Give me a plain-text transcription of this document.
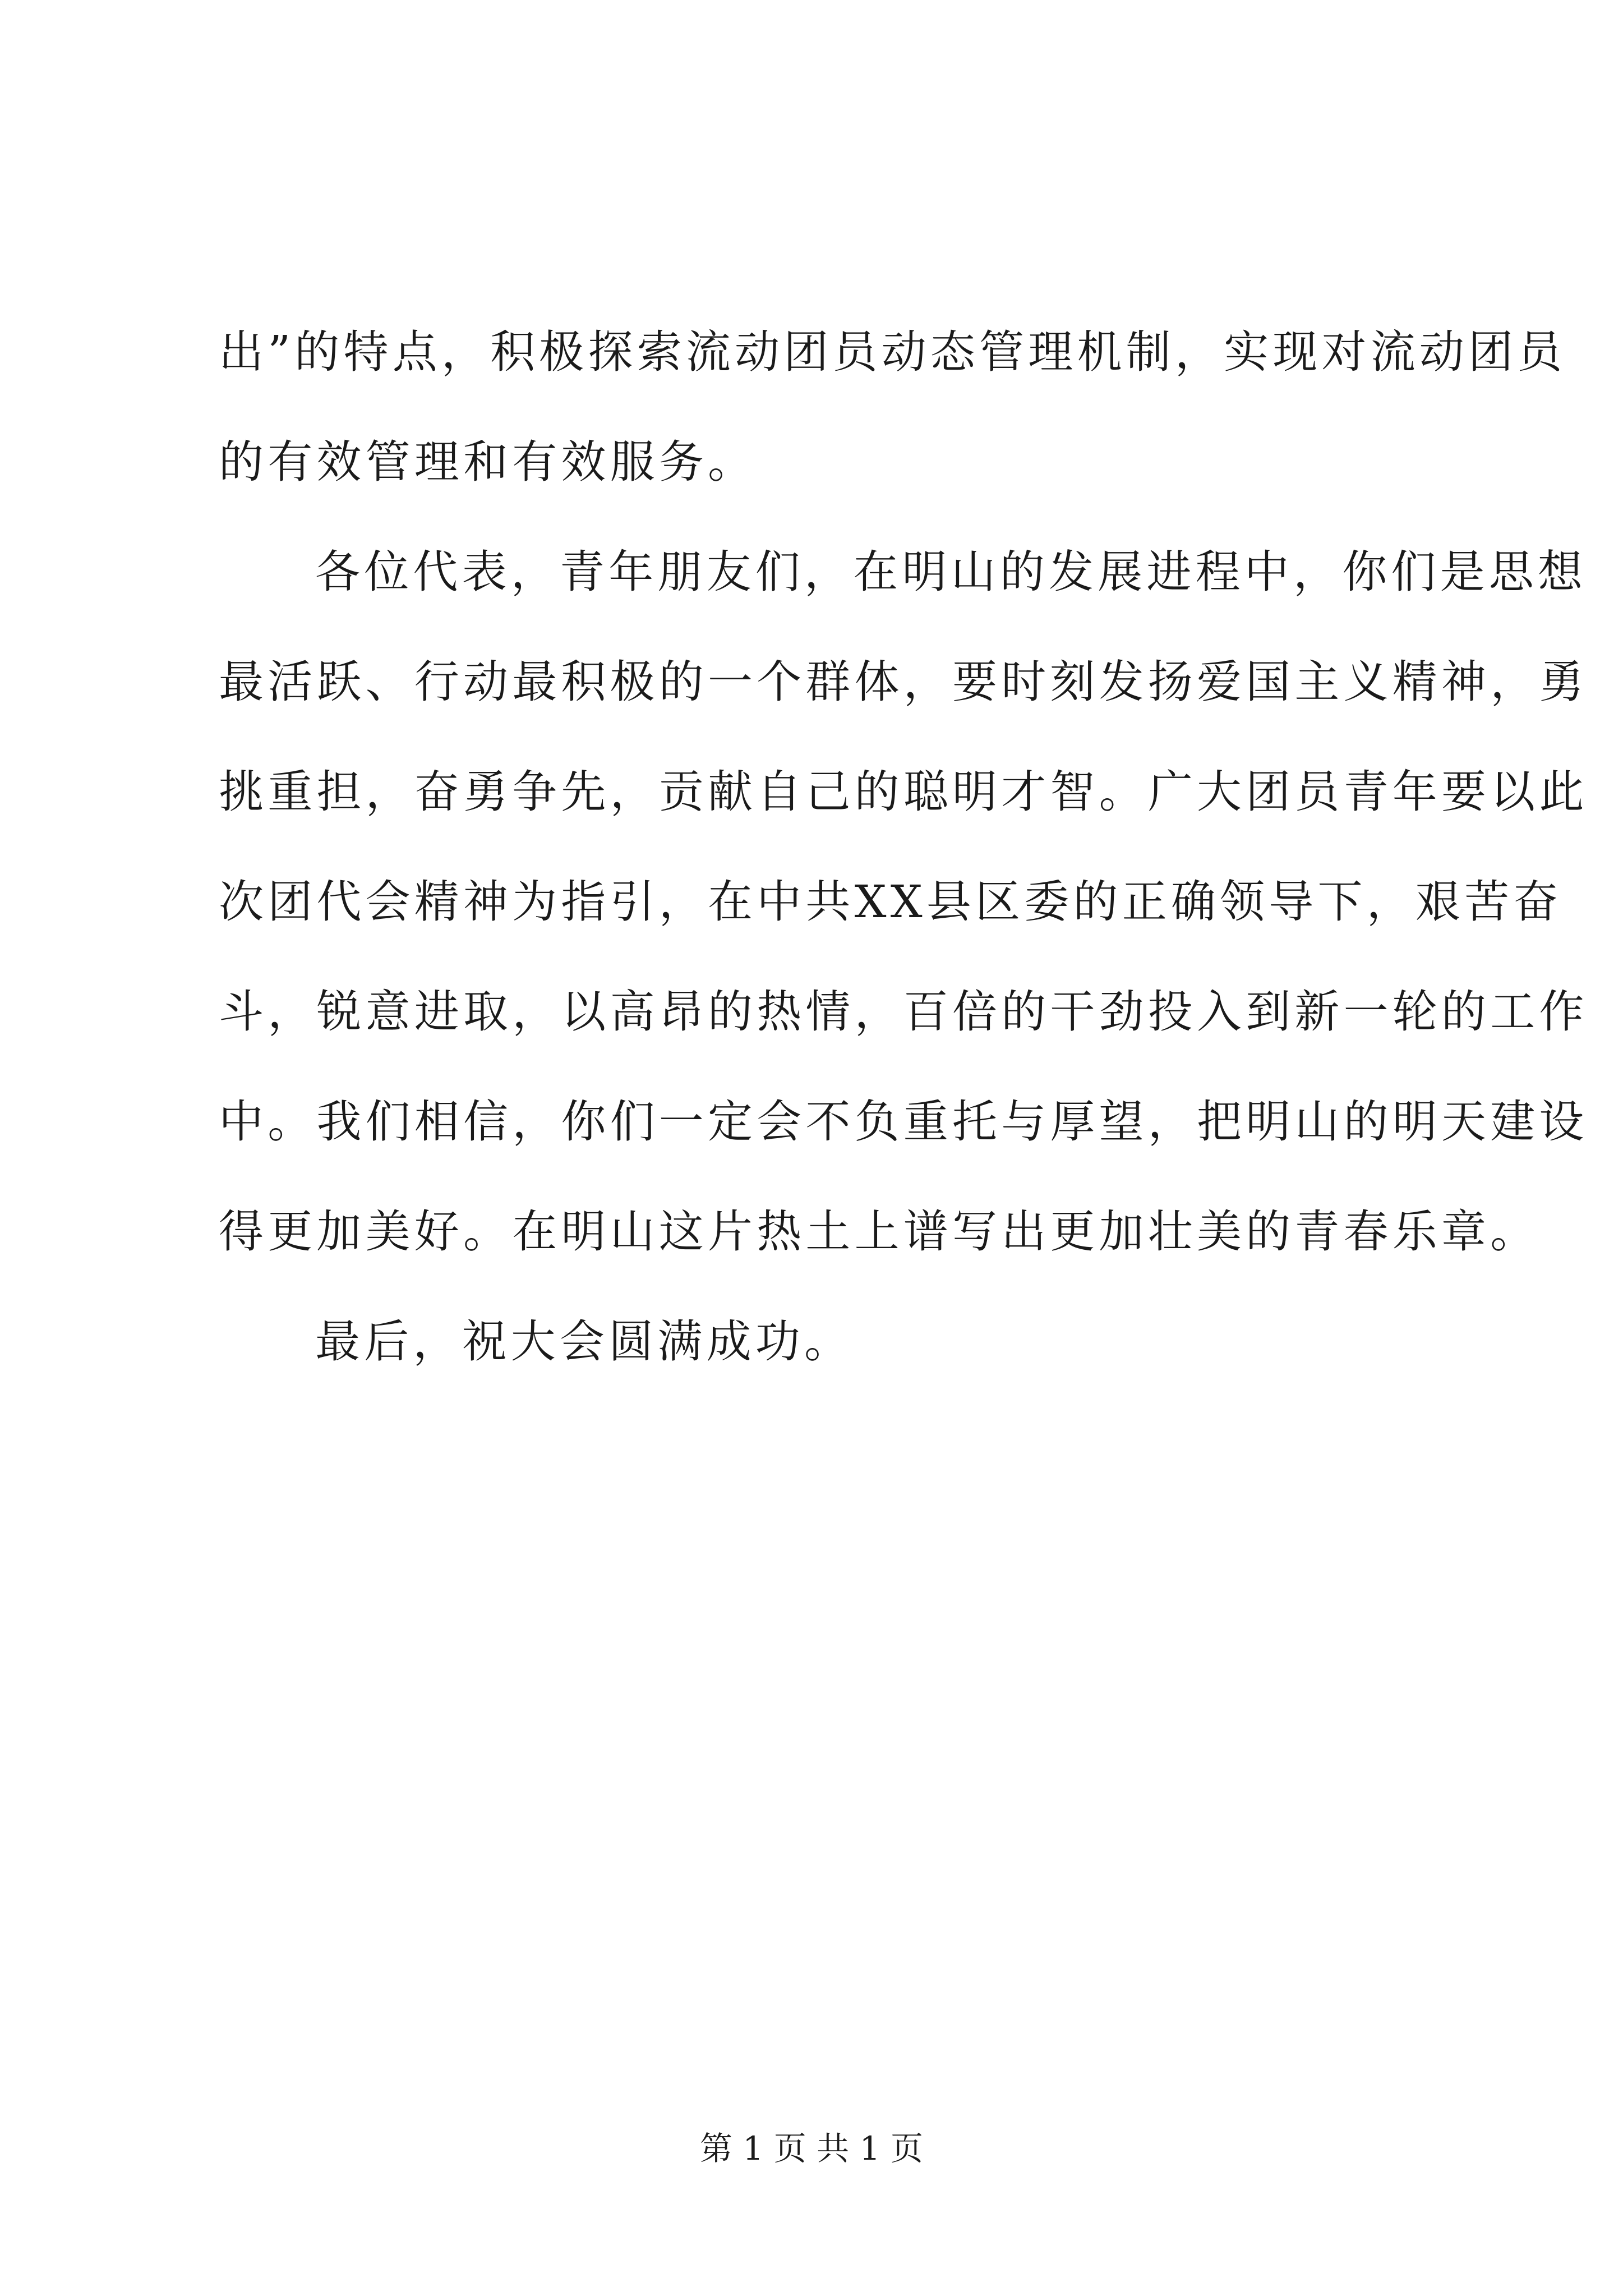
出”的特点，积极探索流动团员动态管理机制，实现对流动团员
的有效管理和有效服务。
各位代表，青年朋友们，在明山的发展进程中，你们是思想
最活跃、行动最积极的一个群体，要时刻发扬爱国主义精神，勇
挑重担，奋勇争先，贡献自己的聪明才智。广大团员青年要以此
次团代会精神为指引，在中共XX县区委的正确领导下，艰苦奋
斗，锐意进取，以高昂的热情，百倍的干劲投入到新一轮的工作
中。我们相信，你们一定会不负重托与厚望，把明山的明天建设
得更加美好。在明山这片热土上谱写出更加壮美的青春乐章。
最后，祝大会圆满成功。
第 1 页 共 1 页
